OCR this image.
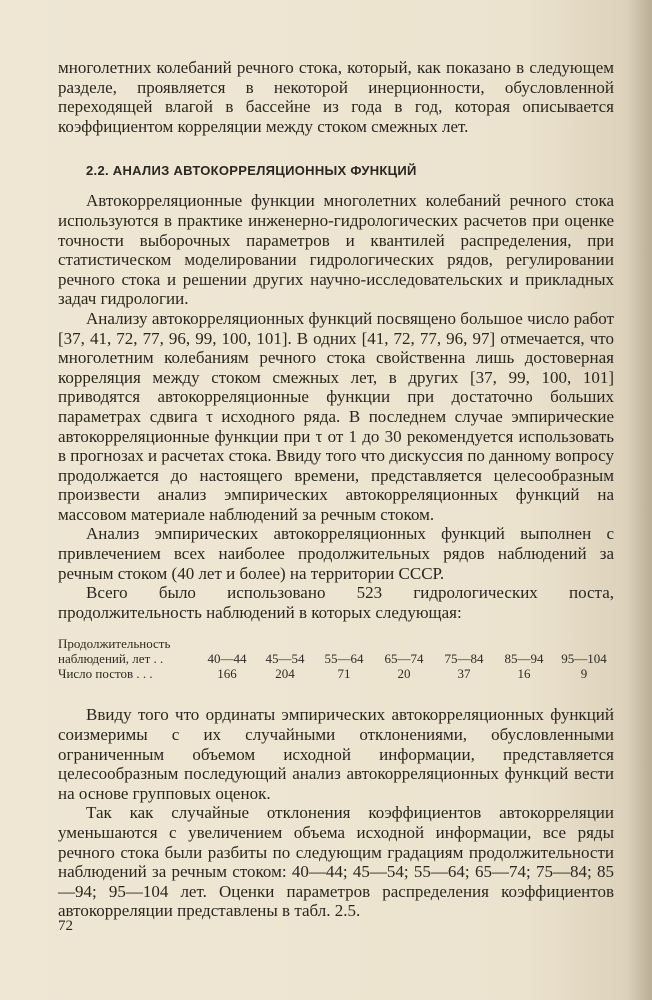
многолетних колебаний речного стока, который, как показано в следующем разделе, проявляется в некоторой инерционности, обусловленной переходящей влагой в бассейне из года в год, которая описывается коэффициентом корреляции между стоком смежных лет.

2.2. АНАЛИЗ АВТОКОРРЕЛЯЦИОННЫХ ФУНКЦИЙ

Автокорреляционные функции многолетних колебаний речного стока используются в практике инженерно-гидрологических расчетов при оценке точности выборочных параметров и квантилей распределения, при статистическом моделировании гидрологических рядов, регулировании речного стока и решении других научно-исследовательских и прикладных задач гидрологии.

Анализу автокорреляционных функций посвящено большое число работ [37, 41, 72, 77, 96, 99, 100, 101]. В одних [41, 72, 77, 96, 97] отмечается, что многолетним колебаниям речного стока свойственна лишь достоверная корреляция между стоком смежных лет, в других [37, 99, 100, 101] приводятся автокорреляционные функции при достаточно больших параметрах сдвига τ исходного ряда. В последнем случае эмпирические автокорреляционные функции при τ от 1 до 30 рекомендуется использовать в прогнозах и расчетах стока. Ввиду того что дискуссия по данному вопросу продолжается до настоящего времени, представляется целесообразным произвести анализ эмпирических автокорреляционных функций на массовом материале наблюдений за речным стоком.

Анализ эмпирических автокорреляционных функций выполнен с привлечением всех наиболее продолжительных рядов наблюдений за речным стоком (40 лет и более) на территории СССР.

Всего было использовано 523 гидрологических поста, продолжительность наблюдений в которых следующая:

Продолжительность
наблюдений, лет . .	40—44	45—54	55—64	65—74	75—84	85—94	95—104
Число постов . . .	166	204	71	20	37	16	9

Ввиду того что ординаты эмпирических автокорреляционных функций соизмеримы с их случайными отклонениями, обусловленными ограниченным объемом исходной информации, представляется целесообразным последующий анализ автокорреляционных функций вести на основе групповых оценок.

Так как случайные отклонения коэффициентов автокорреляции уменьшаются с увеличением объема исходной информации, все ряды речного стока были разбиты по следующим градациям продолжительности наблюдений за речным стоком: 40—44; 45—54; 55—64; 65—74; 75—84; 85—94; 95—104 лет. Оценки параметров распределения коэффициентов автокорреляции представлены в табл. 2.5.

72
